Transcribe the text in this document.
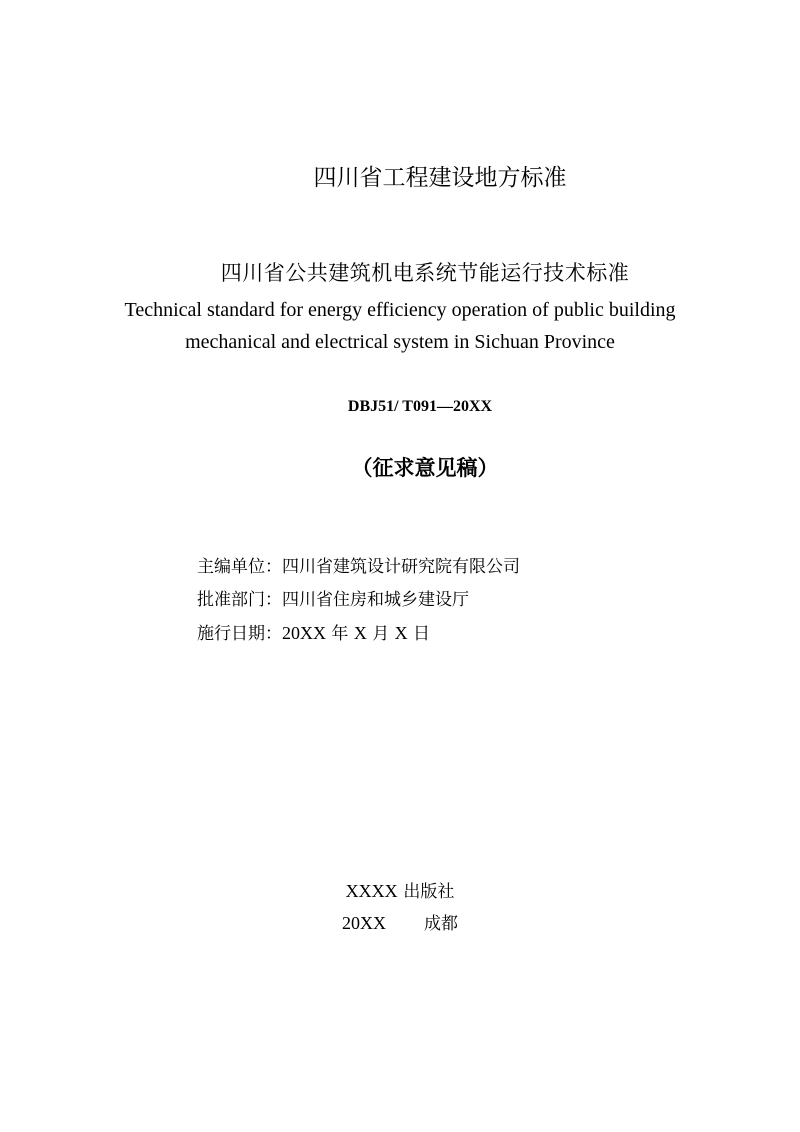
四川省工程建设地方标准
四川省公共建筑机电系统节能运行技术标准
Technical standard for energy efficiency operation of public building
mechanical and electrical system in Sichuan Province
DBJ51/ T091—20XX
（征求意见稿）
主编单位：四川省建筑设计研究院有限公司
批准部门：四川省住房和城乡建设厅
施行日期：20XX 年 X 月 X 日
XXXX 出版社
20XX 成都
